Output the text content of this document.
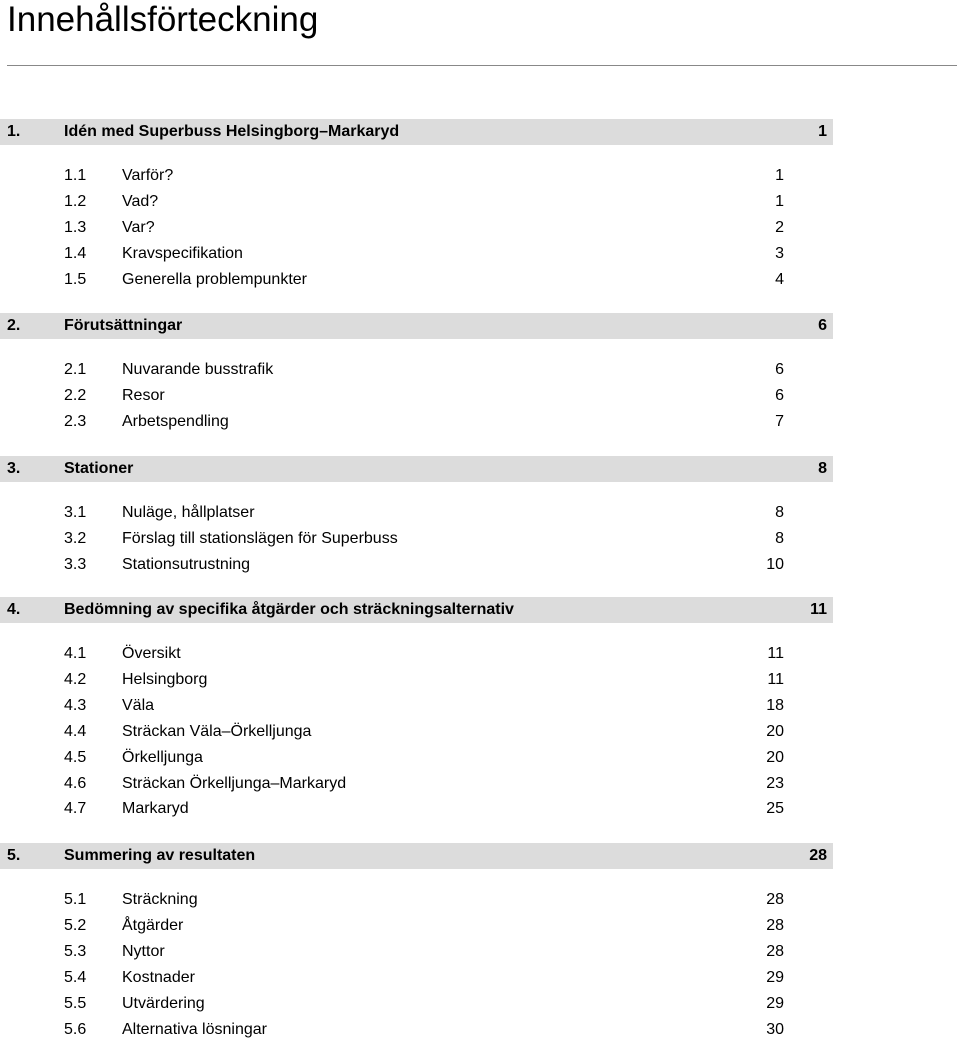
Innehållsförteckning
1.	Idén med Superbuss Helsingborg–Markaryd	1
1.1 Varför?	1
1.2 Vad?	1
1.3 Var?	2
1.4 Kravspecifikation	3
1.5 Generella problempunkter	4
2.	Förutsättningar	6
2.1 Nuvarande busstrafik	6
2.2 Resor	6
2.3 Arbetspendling	7
3.	Stationer	8
3.1 Nuläge, hållplatser	8
3.2 Förslag till stationslägen för Superbuss	8
3.3 Stationsutrustning	10
4.	Bedömning av specifika åtgärder och sträckningsalternativ	11
4.1 Översikt	11
4.2 Helsingborg	11
4.3 Väla	18
4.4 Sträckan Väla–Örkelljunga	20
4.5 Örkelljunga	20
4.6 Sträckan Örkelljunga–Markaryd	23
4.7 Markaryd	25
5.	Summering av resultaten	28
5.1 Sträckning	28
5.2 Åtgärder	28
5.3 Nyttor	28
5.4 Kostnader	29
5.5 Utvärdering	29
5.6 Alternativa lösningar	30
